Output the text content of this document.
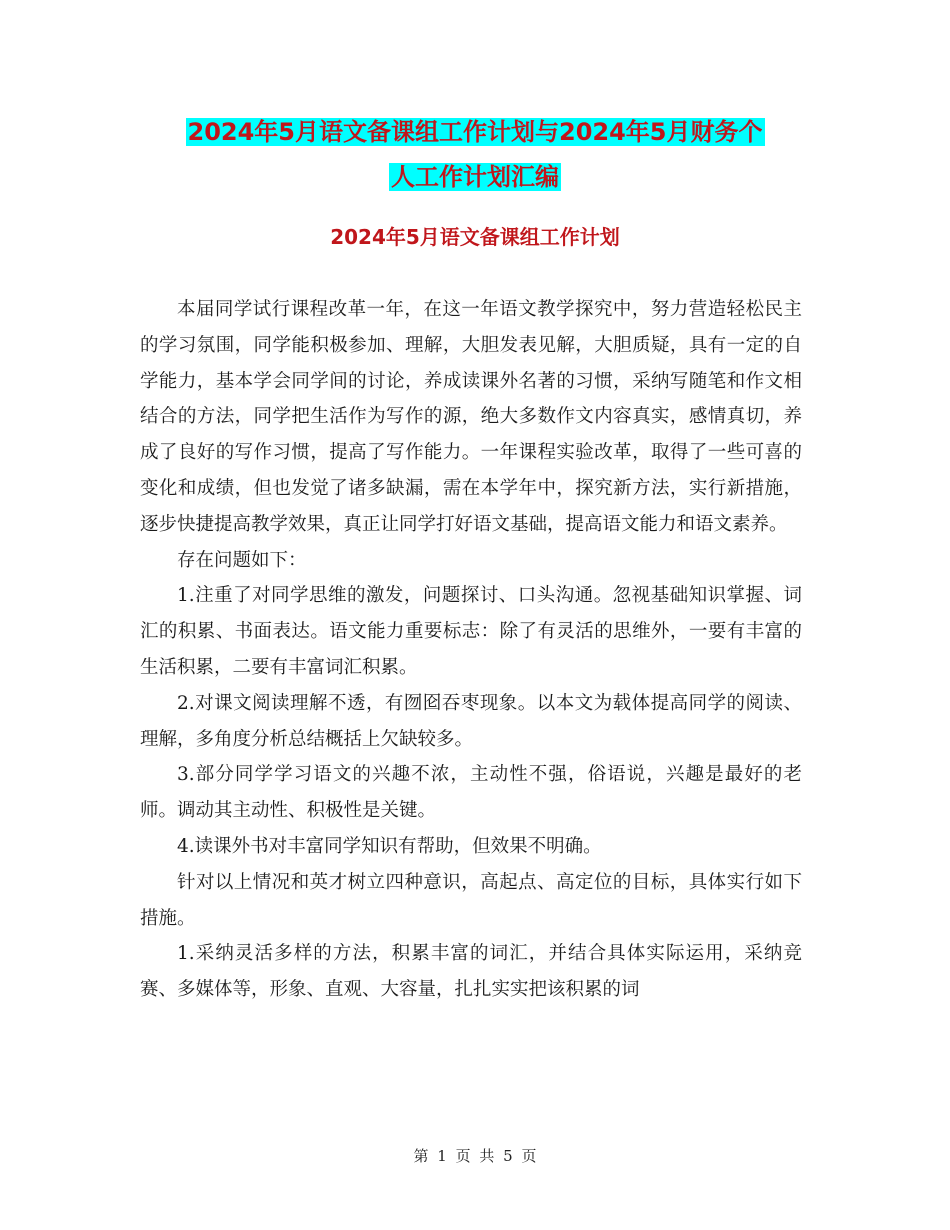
2024年5月语文备课组工作计划与2024年5月财务个
人工作计划汇编
2024年5月语文备课组工作计划

本届同学试行课程改革一年，在这一年语文教学探究中，努力营造轻松民主的学习氛围，同学能积极参加、理解，大胆发表见解，大胆质疑，具有一定的自学能力，基本学会同学间的讨论，养成读课外名著的习惯，采纳写随笔和作文相结合的方法，同学把生活作为写作的源，绝大多数作文内容真实，感情真切，养成了良好的写作习惯，提高了写作能力。一年课程实验改革，取得了一些可喜的变化和成绩，但也发觉了诸多缺漏，需在本学年中，探究新方法，实行新措施，逐步快捷提高教学效果，真正让同学打好语文基础，提高语文能力和语文素养。

存在问题如下：

1.注重了对同学思维的激发，问题探讨、口头沟通。忽视基础知识掌握、词汇的积累、书面表达。语文能力重要标志：除了有灵活的思维外，一要有丰富的生活积累，二要有丰富词汇积累。

2.对课文阅读理解不透，有囫囵吞枣现象。以本文为载体提高同学的阅读、理解，多角度分析总结概括上欠缺较多。

3.部分同学学习语文的兴趣不浓，主动性不强，俗语说，兴趣是最好的老师。调动其主动性、积极性是关键。

4.读课外书对丰富同学知识有帮助，但效果不明确。

针对以上情况和英才树立四种意识，高起点、高定位的目标，具体实行如下措施。

1.采纳灵活多样的方法，积累丰富的词汇，并结合具体实际运用，采纳竞赛、多媒体等，形象、直观、大容量，扎扎实实把该积累的词

第 1 页 共 5 页
